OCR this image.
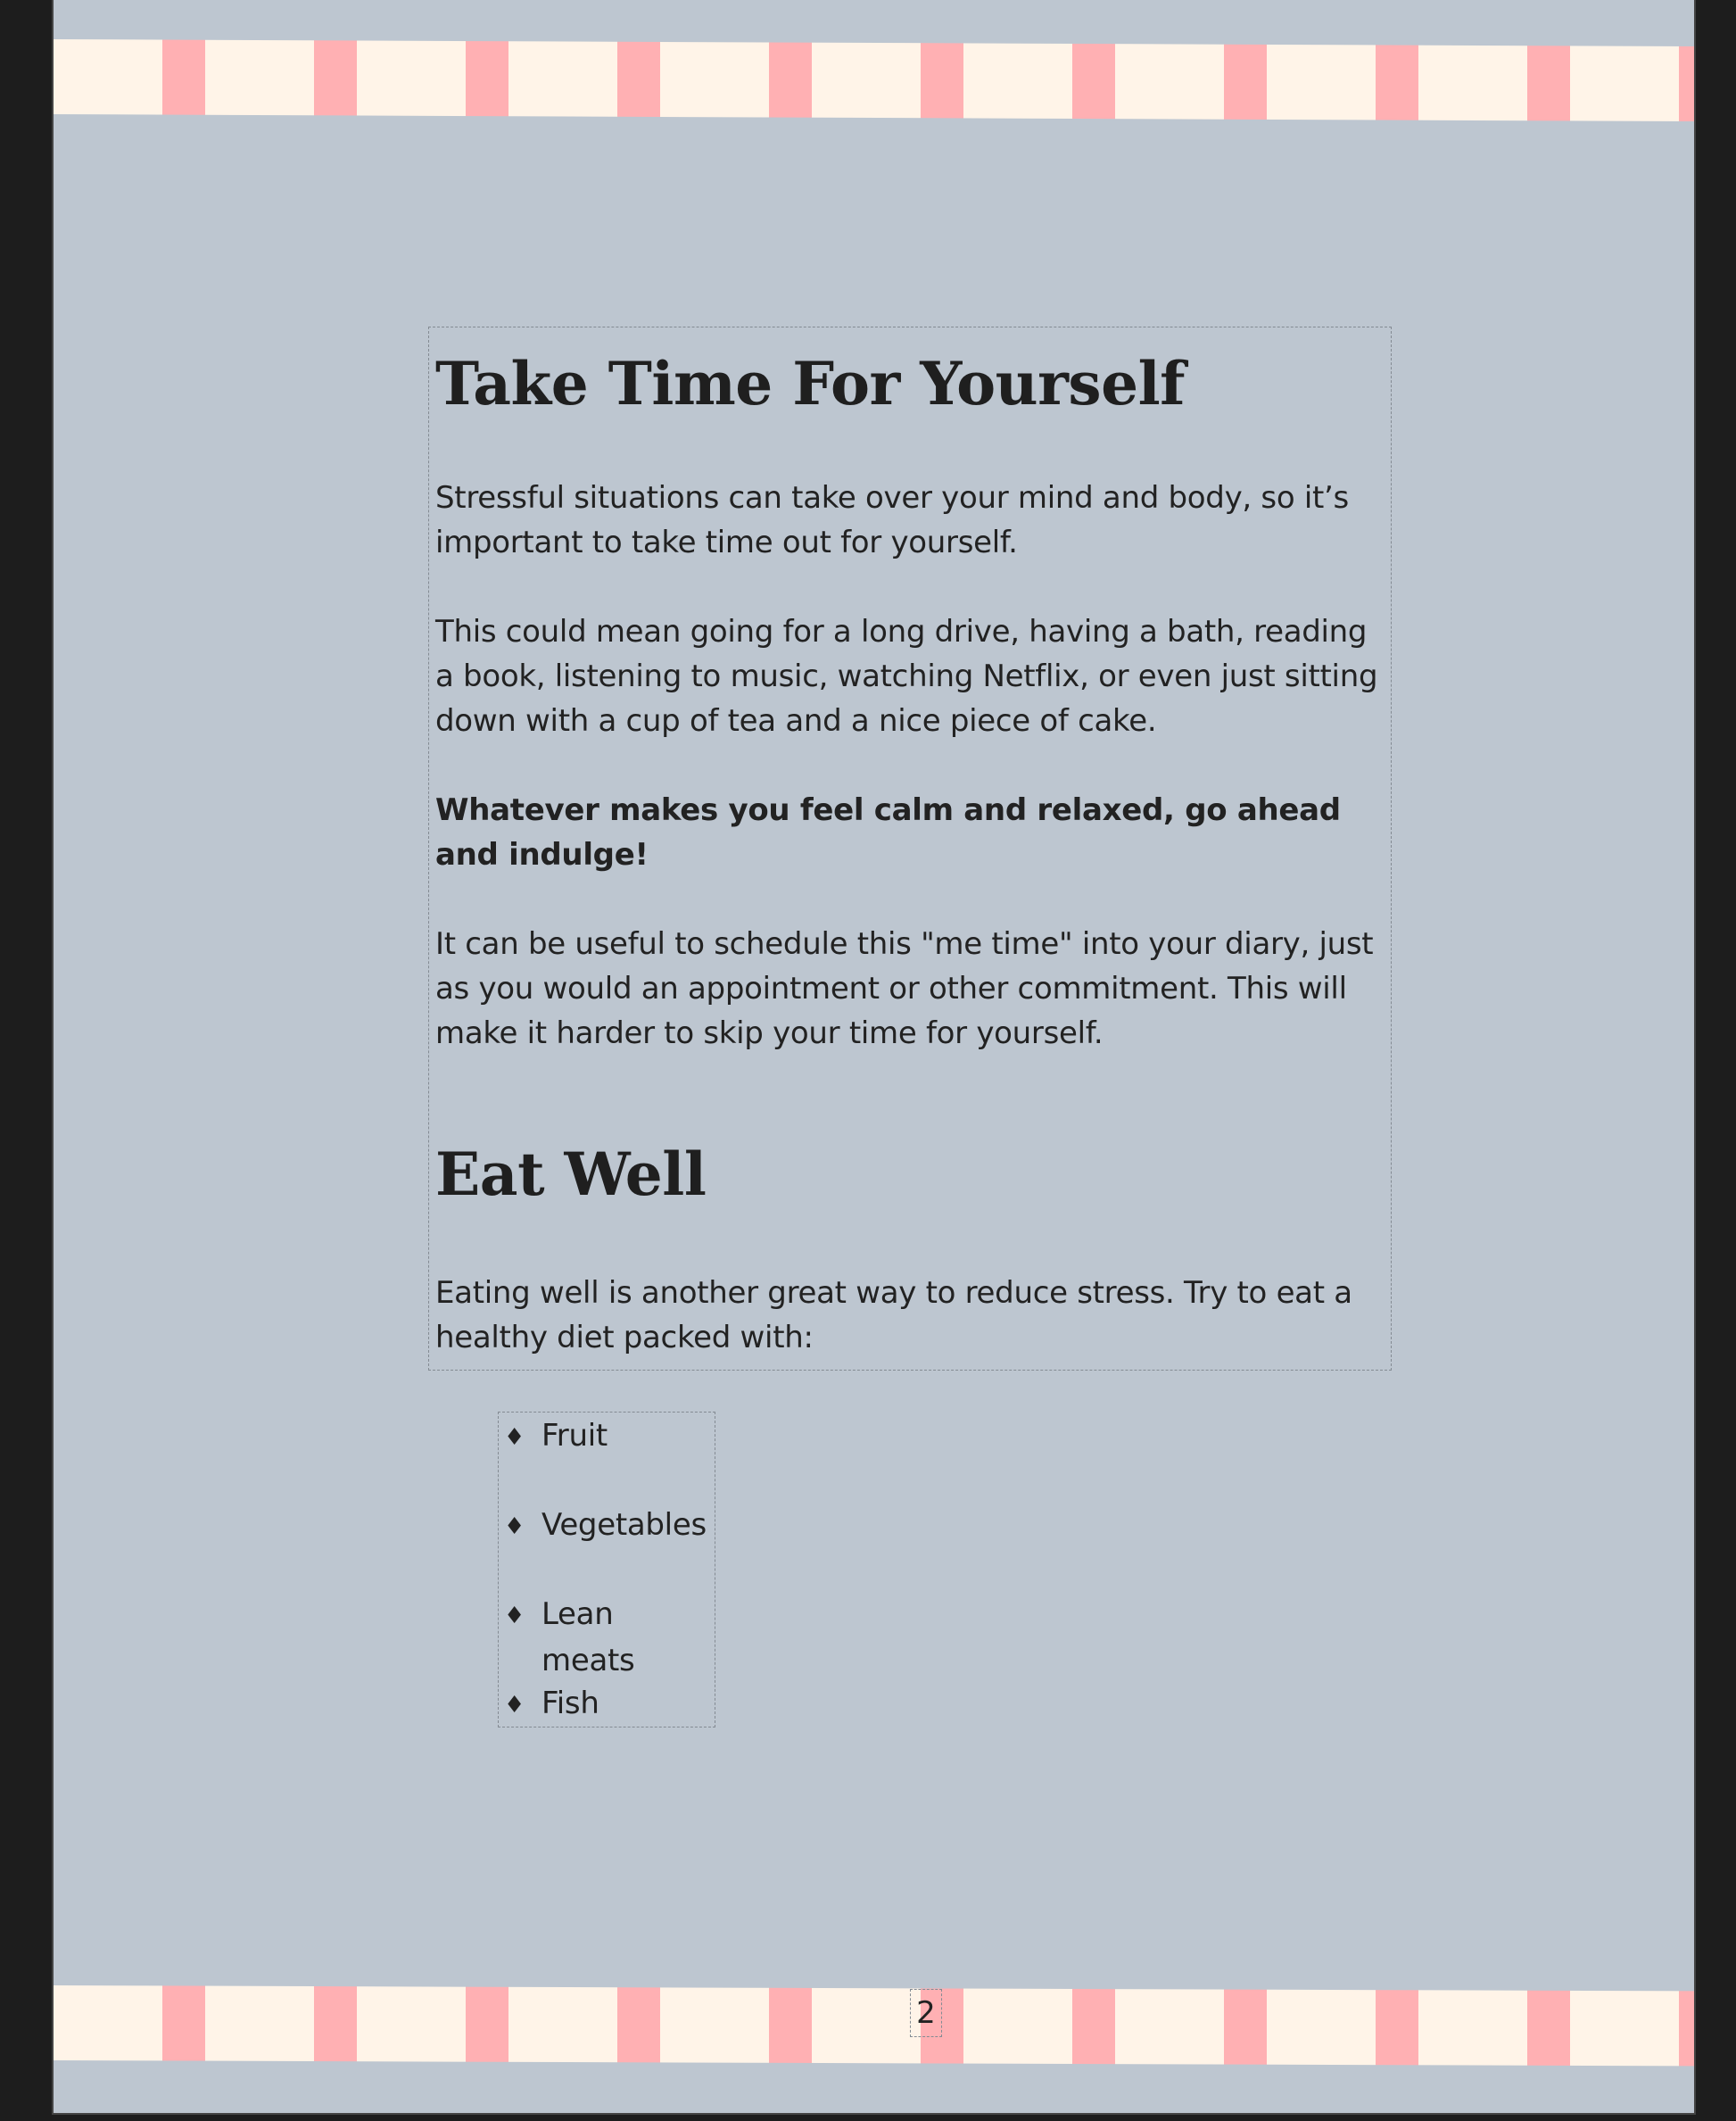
Take Time For Yourself

Stressful situations can take over your mind and body, so it’s important to take time out for yourself.

This could mean going for a long drive, having a bath, reading a book, listening to music, watching Netflix, or even just sitting down with a cup of tea and a nice piece of cake.

Whatever makes you feel calm and relaxed, go ahead and indulge!

It can be useful to schedule this "me time" into your diary, just as you would an appointment or other commitment. This will make it harder to skip your time for yourself.

Eat Well

Eating well is another great way to reduce stress. Try to eat a healthy diet packed with:

♦ Fruit
♦ Vegetables
♦ Lean meats
♦ Fish
2
